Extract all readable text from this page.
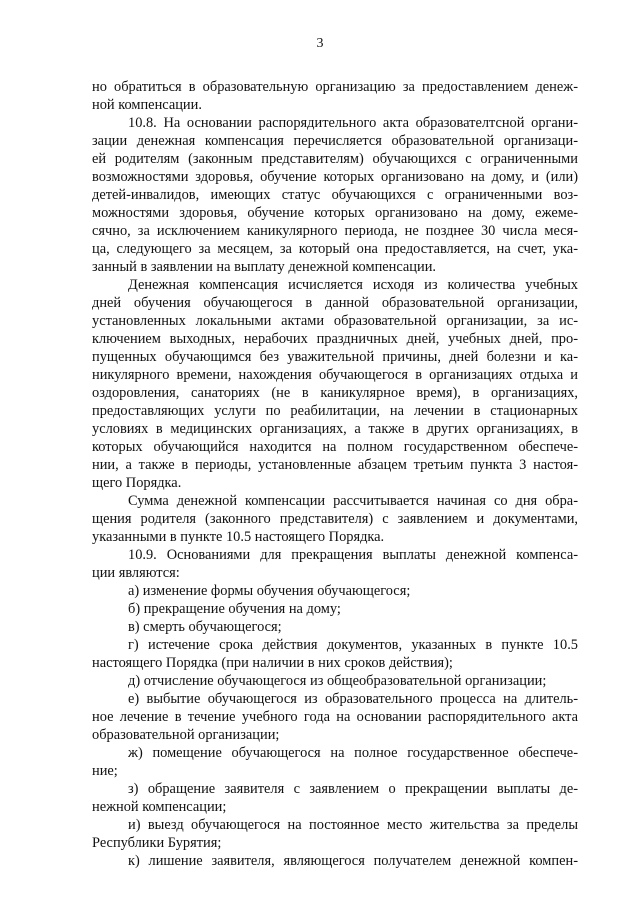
3
но обратиться в образовательную организацию за предоставлением денеж-
ной компенсации.
10.8. На основании распорядительного акта образователтсной органи-
зации денежная компенсация перечисляется образовательной организаци-
ей родителям (законным представителям) обучающихся с ограниченными
возможностями здоровья, обучение которых организовано на дому, и (или)
детей-инвалидов, имеющих статус обучающихся с ограниченными воз-
можностями здоровья, обучение которых организовано на дому, ежеме-
сячно, за исключением каникулярного периода, не позднее 30 числа меся-
ца, следующего за месяцем, за который она предоставляется, на счет, ука-
занный в заявлении на выплату денежной компенсации.
Денежная компенсация исчисляется исходя из количества учебных
дней обучения обучающегося в данной образовательной организации,
установленных локальными актами образовательной организации, за ис-
ключением выходных, нерабочих праздничных дней, учебных дней, про-
пущенных обучающимся без уважительной причины, дней болезни и ка-
никулярного времени, нахождения обучающегося в организациях отдыха и
оздоровления, санаториях (не в каникулярное время), в организациях,
предоставляющих услуги по реабилитации, на лечении в стационарных
условиях в медицинских организациях, а также в других организациях, в
которых обучающийся находится на полном государственном обеспече-
нии, а также в периоды, установленные абзацем третьим пункта 3 настоя-
щего Порядка.
Сумма денежной компенсации рассчитывается начиная со дня обра-
щения родителя (законного представителя) с заявлением и документами,
указанными в пункте 10.5 настоящего Порядка.
10.9. Основаниями для прекращения выплаты денежной компенса-
ции являются:
а) изменение формы обучения обучающегося;
б) прекращение обучения на дому;
в) смерть обучающегося;
г) истечение срока действия документов, указанных в пункте 10.5
настоящего Порядка (при наличии в них сроков действия);
д) отчисление обучающегося из общеобразовательной организации;
е) выбытие обучающегося из образовательного процесса на длитель-
ное лечение в течение учебного года на основании распорядительного акта
образовательной организации;
ж) помещение обучающегося на полное государственное обеспече-
ние;
з) обращение заявителя с заявлением о прекращении выплаты де-
нежной компенсации;
и) выезд обучающегося на постоянное место жительства за пределы
Республики Бурятия;
к) лишение заявителя, являющегося получателем денежной компен-
